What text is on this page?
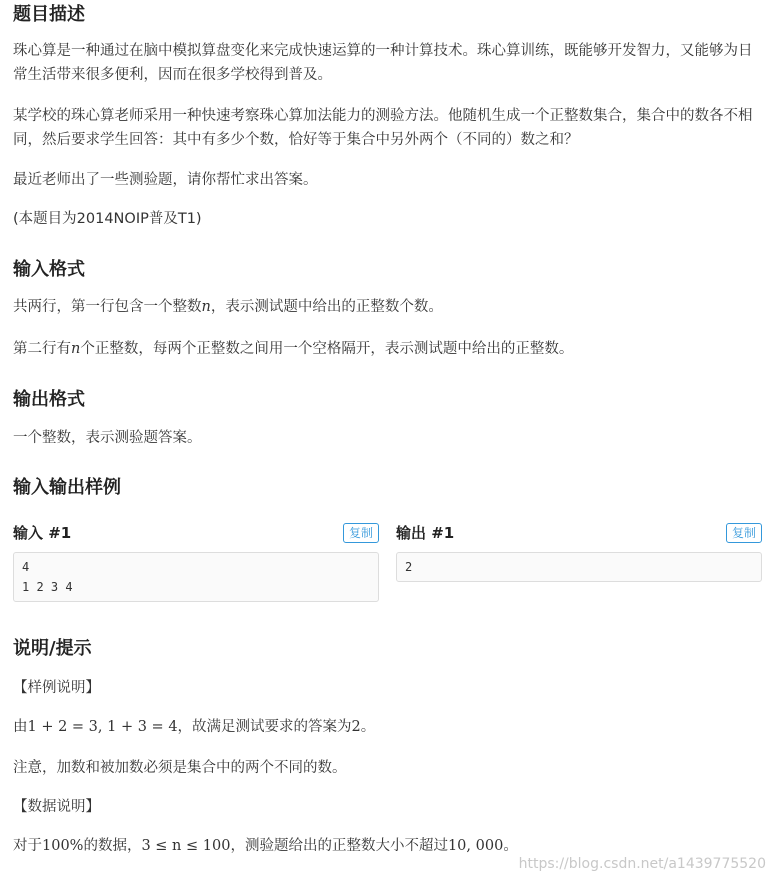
题目描述

珠心算是一种通过在脑中模拟算盘变化来完成快速运算的一种计算技术。珠心算训练，既能够开发智力，又能够为日常生活带来很多便利，因而在很多学校得到普及。

某学校的珠心算老师采用一种快速考察珠心算加法能力的测验方法。他随机生成一个正整数集合，集合中的数各不相同，然后要求学生回答：其中有多少个数，恰好等于集合中另外两个（不同的）数之和？

最近老师出了一些测验题，请你帮忙求出答案。

(本题目为2014NOIP普及T1)

输入格式

共两行，第一行包含一个整数n，表示测试题中给出的正整数个数。

第二行有n个正整数，每两个正整数之间用一个空格隔开，表示测试题中给出的正整数。

输出格式

一个整数，表示测验题答案。

输入输出样例
输入 #1	复制
4
1 2 3 4
输出 #1	复制
2
说明/提示

【样例说明】

由1 + 2 = 3, 1 + 3 = 4，故满足测试要求的答案为2。

注意，加数和被加数必须是集合中的两个不同的数。

【数据说明】

对于100%的数据，3 ≤ n ≤ 100，测验题给出的正整数大小不超过10, 000。

https://blog.csdn.net/a1439775520
